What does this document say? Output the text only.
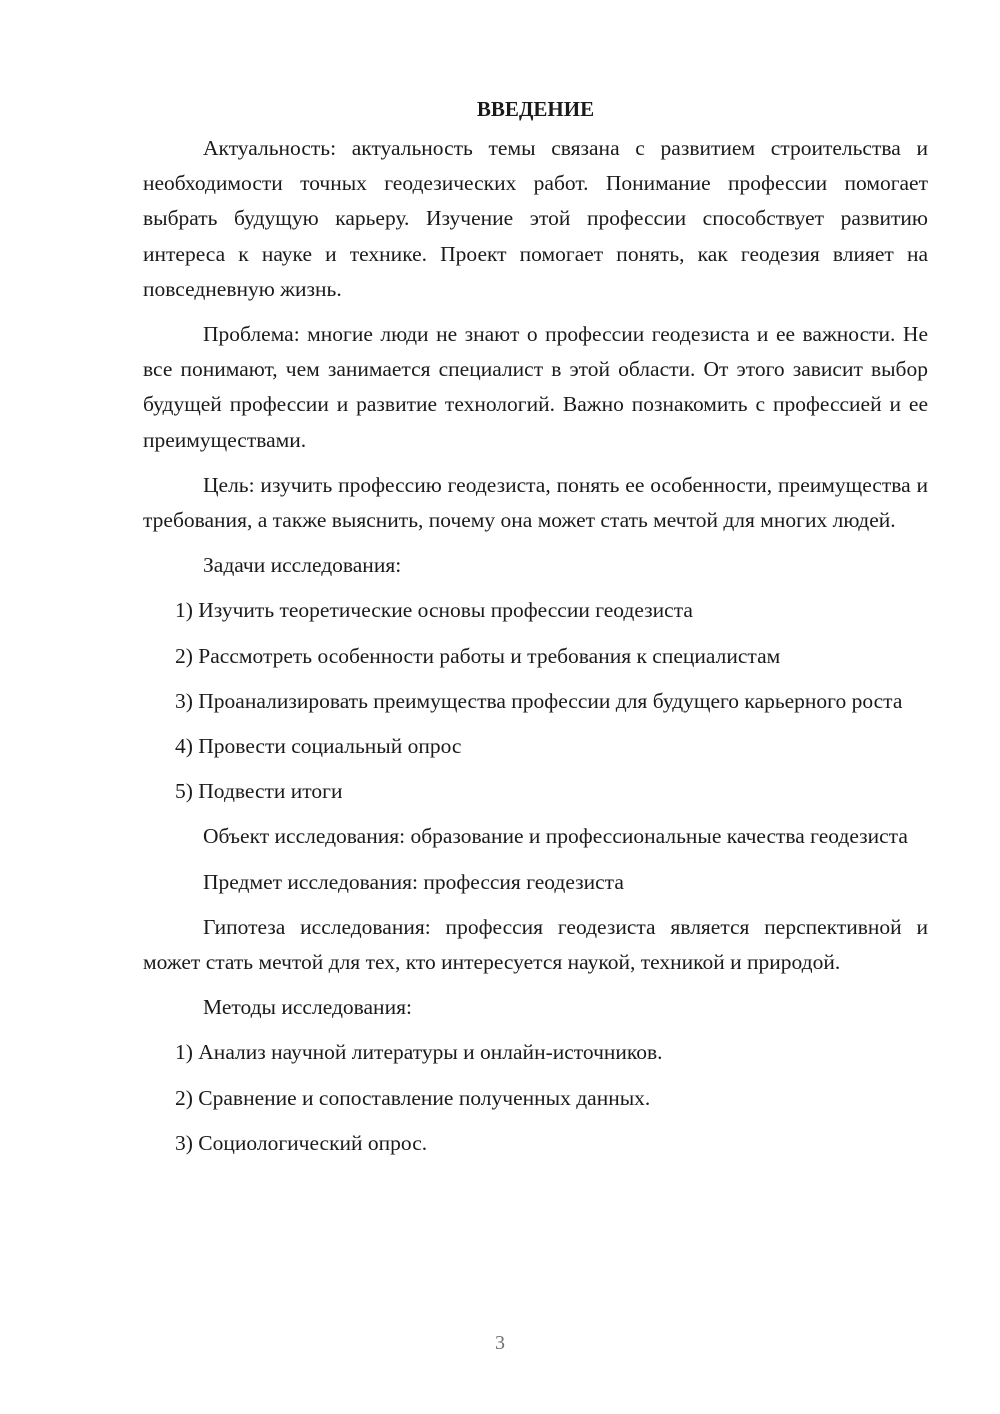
ВВЕДЕНИЕ

Актуальность: актуальность темы связана с развитием строительства и необходимости точных геодезических работ. Понимание профессии помогает выбрать будущую карьеру. Изучение этой профессии способствует развитию интереса к науке и технике. Проект помогает понять, как геодезия влияет на повседневную жизнь.

Проблема: многие люди не знают о профессии геодезиста и ее важности. Не все понимают, чем занимается специалист в этой области. От этого зависит выбор будущей профессии и развитие технологий. Важно познакомить с профессией и ее преимуществами.

Цель: изучить профессию геодезиста, понять ее особенности, преимущества и требования, а также выяснить, почему она может стать мечтой для многих людей.

Задачи исследования:

1) Изучить теоретические основы профессии геодезиста

2) Рассмотреть особенности работы и требования к специалистам

3) Проанализировать преимущества профессии для будущего карьерного роста

4) Провести социальный опрос

5) Подвести итоги

Объект исследования: образование и профессиональные качества геодезиста

Предмет исследования: профессия геодезиста

Гипотеза исследования: профессия геодезиста является перспективной и может стать мечтой для тех, кто интересуется наукой, техникой и природой.

Методы исследования:

1) Анализ научной литературы и онлайн-источников.

2) Сравнение и сопоставление полученных данных.

3) Социологический опрос.

3
